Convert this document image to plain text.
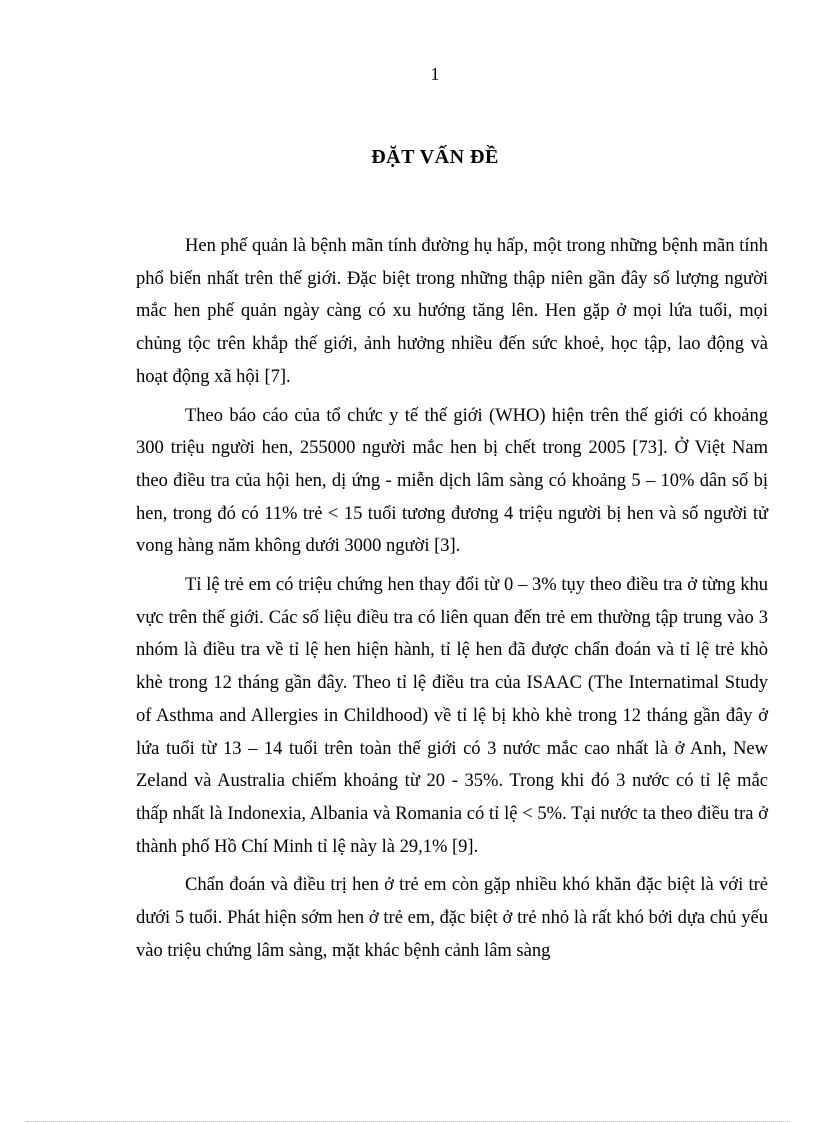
1
ĐẶT VẤN ĐỀ

Hen phế quản là bệnh mãn tính đường hụ hấp, một trong những bệnh mãn tính phổ biến nhất trên thế giới. Đặc biệt trong những thập niên gần đây số lượng người mắc hen phế quản ngày càng có xu hướng tăng lên. Hen gặp ở mọi lứa tuổi, mọi chủng tộc trên khắp thế giới, ảnh hưởng nhiều đến sức khoẻ, học tập, lao động và hoạt động xã hội [7].

Theo báo cáo của tổ chức y tế thế giới (WHO) hiện trên thế giới có khoảng 300 triệu người hen, 255000 người mắc hen bị chết trong 2005 [73]. Ở Việt Nam theo điều tra của hội hen, dị ứng - miễn dịch lâm sàng có khoảng 5 – 10% dân số bị hen, trong đó có 11% trẻ < 15 tuổi tương đương 4 triệu người bị hen và số người tử vong hàng năm không dưới 3000 người [3].

Tỉ lệ trẻ em có triệu chứng hen thay đổi từ 0 – 3% tụy theo điều tra ở từng khu vực trên thế giới. Các số liệu điều tra có liên quan đến trẻ em thường tập trung vào 3 nhóm là điều tra về tỉ lệ hen hiện hành, tỉ lệ hen đã được chẩn đoán và tỉ lệ trẻ khò khè trong 12 tháng gần đây. Theo tỉ lệ điều tra của ISAAC (The Internatimal Study of Asthma and Allergies in Childhood) về tỉ lệ bị khò khè trong 12 tháng gần đây ở lứa tuổi từ 13 – 14 tuổi trên toàn thế giới có 3 nước mắc cao nhất là ở Anh, New Zeland và Australia chiếm khoảng từ 20 - 35%. Trong khi đó 3 nước có tỉ lệ mắc thấp nhất là Indonexia, Albania và Romania có tỉ lệ < 5%. Tại nước ta theo điều tra ở thành phố Hồ Chí Minh tỉ lệ này là 29,1% [9].

Chẩn đoán và điều trị hen ở trẻ em còn gặp nhiều khó khăn đặc biệt là với trẻ dưới 5 tuổi. Phát hiện sớm hen ở trẻ em, đặc biệt ở trẻ nhỏ là rất khó bởi dựa chủ yếu vào triệu chứng lâm sàng, mặt khác bệnh cảnh lâm sàng
